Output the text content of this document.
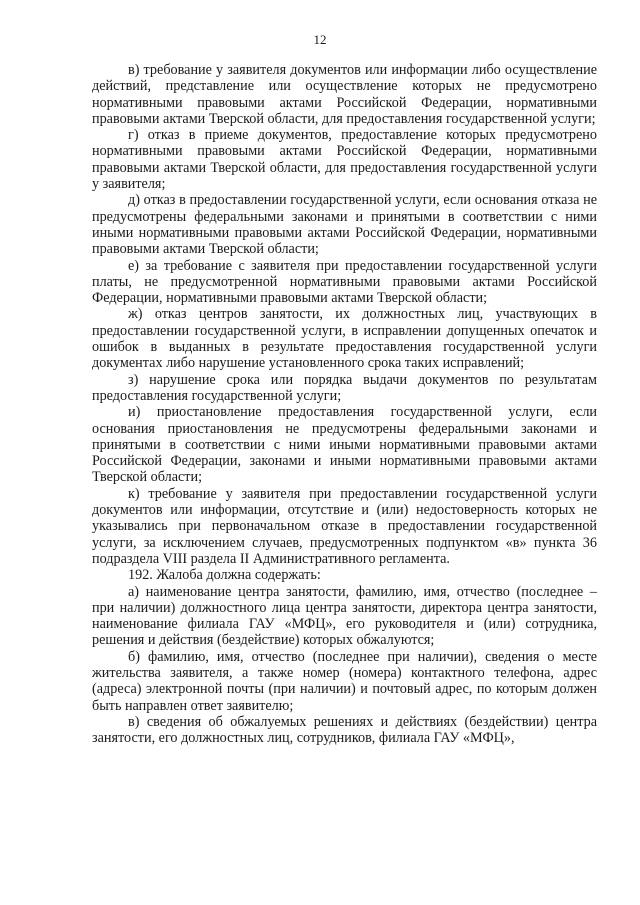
12

в) требование у заявителя документов или информации либо осуществление действий, представление или осуществление которых не предусмотрено нормативными правовыми актами Российской Федерации, нормативными правовыми актами Тверской области, для предоставления государственной услуги;

г) отказ в приеме документов, предоставление которых предусмотрено нормативными правовыми актами Российской Федерации, нормативными правовыми актами Тверской области, для предоставления государственной услуги у заявителя;

д) отказ в предоставлении государственной услуги, если основания отказа не предусмотрены федеральными законами и принятыми в соответствии с ними иными нормативными правовыми актами Российской Федерации, нормативными правовыми актами Тверской области;

е) за требование с заявителя при предоставлении государственной услуги платы, не предусмотренной нормативными правовыми актами Российской Федерации, нормативными правовыми актами Тверской области;

ж) отказ центров занятости, их должностных лиц, участвующих в предоставлении государственной услуги, в исправлении допущенных опечаток и ошибок в выданных в результате предоставления государственной услуги документах либо нарушение установленного срока таких исправлений;

з) нарушение срока или порядка выдачи документов по результатам предоставления государственной услуги;

и) приостановление предоставления государственной услуги, если основания приостановления не предусмотрены федеральными законами и принятыми в соответствии с ними иными нормативными правовыми актами Российской Федерации, законами и иными нормативными правовыми актами Тверской области;

к) требование у заявителя при предоставлении государственной услуги документов или информации, отсутствие и (или) недостоверность которых не указывались при первоначальном отказе в предоставлении государственной услуги, за исключением случаев, предусмотренных подпунктом «в» пункта 36 подраздела VIII раздела II Административного регламента.

192. Жалоба должна содержать:

а) наименование центра занятости, фамилию, имя, отчество (последнее – при наличии) должностного лица центра занятости, директора центра занятости, наименование филиала ГАУ «МФЦ», его руководителя и (или) сотрудника, решения и действия (бездействие) которых обжалуются;

б) фамилию, имя, отчество (последнее при наличии), сведения о месте жительства заявителя, а также номер (номера) контактного телефона, адрес (адреса) электронной почты (при наличии) и почтовый адрес, по которым должен быть направлен ответ заявителю;

в) сведения об обжалуемых решениях и действиях (бездействии) центра занятости, его должностных лиц, сотрудников, филиала ГАУ «МФЦ»,
